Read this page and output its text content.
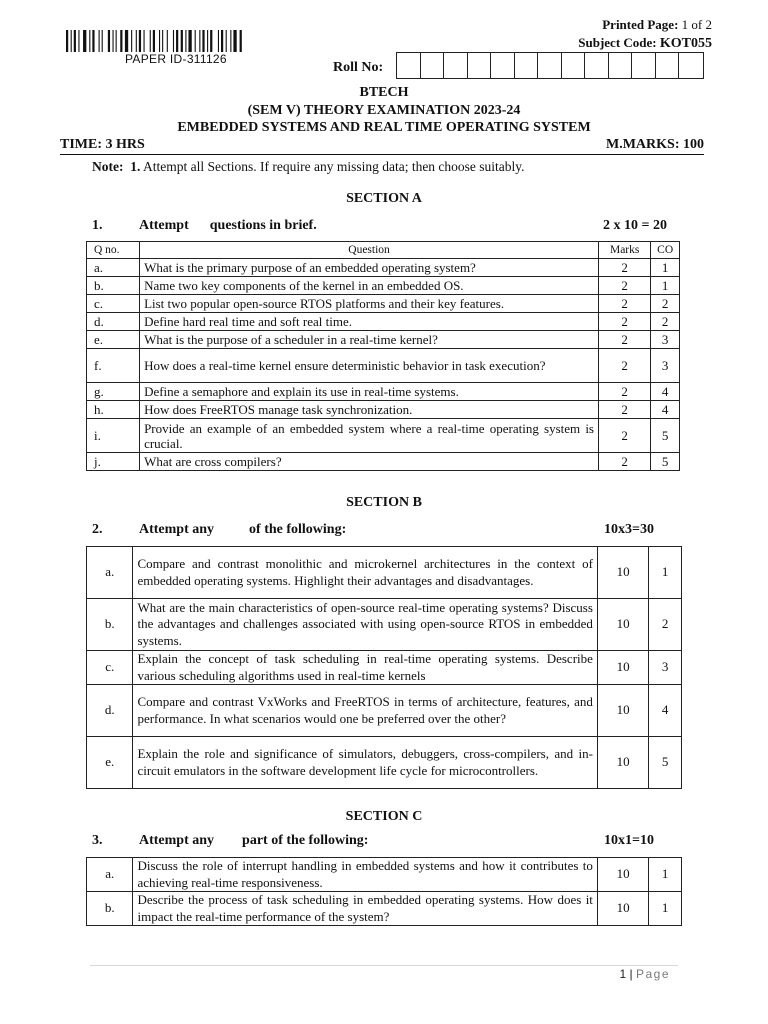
PAPER ID-311126
Printed Page: 1 of 2
Subject Code: KOT055
Roll No:
BTECH
(SEM V) THEORY EXAMINATION 2023-24
EMBEDDED SYSTEMS AND REAL TIME OPERATING SYSTEM
TIME: 3 HRS	M.MARKS: 100
Note: 1. Attempt all Sections. If require any missing data; then choose suitably.
SECTION A
1.	Attempt      questions in brief.	2 x 10 = 20
Q no.	Question	Marks	CO
a.	What is the primary purpose of an embedded operating system?	2	1
b.	Name two key components of the kernel in an embedded OS.	2	1
c.	List two popular open-source RTOS platforms and their key features.	2	2
d.	Define hard real time and soft real time.	2	2
e.	What is the purpose of a scheduler in a real-time kernel?	2	3
f.	How does a real-time kernel ensure deterministic behavior in task execution?	2	3
g.	Define a semaphore and explain its use in real-time systems.	2	4
h.	How does FreeRTOS manage task synchronization.	2	4
i.	Provide an example of an embedded system where a real-time operating system is crucial.	2	5
j.	What are cross compilers?	2	5
SECTION B
2.	Attempt any          of the following:	10x3=30
a.	Compare and contrast monolithic and microkernel architectures in the context of embedded operating systems. Highlight their advantages and disadvantages.	10	1
b.	What are the main characteristics of open-source real-time operating systems? Discuss the advantages and challenges associated with using open-source RTOS in embedded systems.	10	2
c.	Explain the concept of task scheduling in real-time operating systems. Describe various scheduling algorithms used in real-time kernels	10	3
d.	Compare and contrast VxWorks and FreeRTOS in terms of architecture, features, and performance. In what scenarios would one be preferred over the other?	10	4
e.	Explain the role and significance of simulators, debuggers, cross-compilers, and in-circuit emulators in the software development life cycle for microcontrollers.	10	5
SECTION C
3.	Attempt any        part of the following:	10x1=10
a.	Discuss the role of interrupt handling in embedded systems and how it contributes to achieving real-time responsiveness.	10	1
b.	Describe the process of task scheduling in embedded operating systems. How does it impact the real-time performance of the system?	10	1
1 | Page
